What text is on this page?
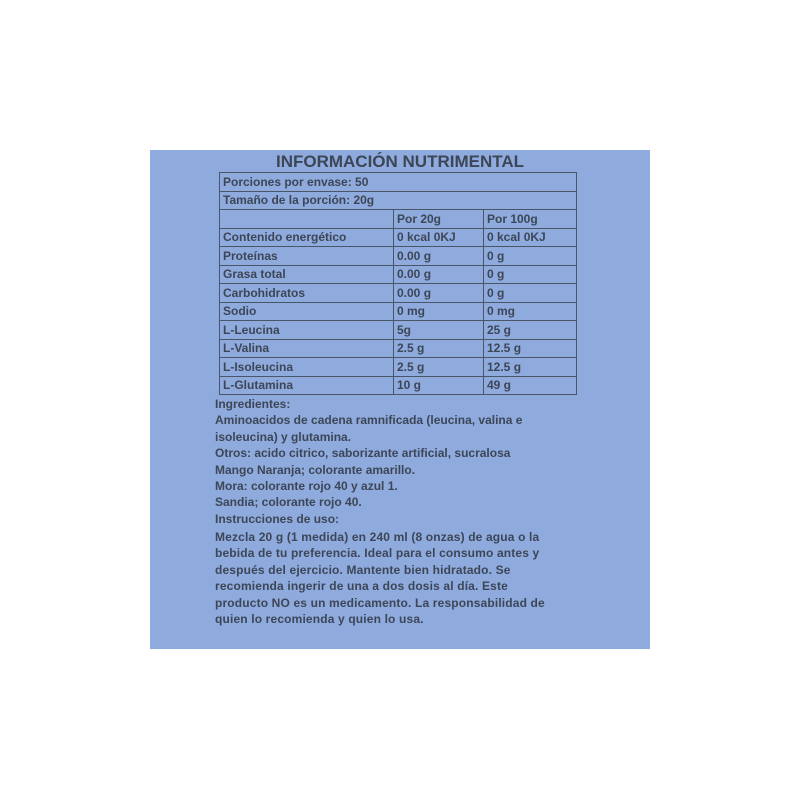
INFORMACIÓN NUTRIMENTAL
Porciones por envase: 50		
Tamaño de la porción: 20g		
	Por 20g	Por 100g
Contenido energético	0 kcal 0KJ	0 kcal 0KJ
Proteínas	0.00 g	0 g
Grasa total	0.00 g	0 g
Carbohidratos	0.00 g	0 g
Sodio	0 mg	0 mg
L-Leucina	5g	25 g
L-Valina	2.5 g	12.5 g
L-Isoleucina	2.5 g	12.5 g
L-Glutamina	10 g	49 g
Ingredientes:
Aminoacidos de cadena ramnificada (leucina, valina e
isoleucina) y glutamina.
Otros: acido citrico, saborizante artificial, sucralosa
Mango Naranja; colorante amarillo.
Mora: colorante rojo 40 y azul 1.
Sandia; colorante rojo 40.
Instrucciones de uso:
Mezcla 20 g (1 medida) en 240 ml (8 onzas) de agua o la
bebida de tu preferencia. Ideal para el consumo antes y
después del ejercicio. Mantente bien hidratado. Se
recomienda ingerir de una a dos dosis al día. Este
producto NO es un medicamento. La responsabilidad de
quien lo recomienda y quien lo usa.
